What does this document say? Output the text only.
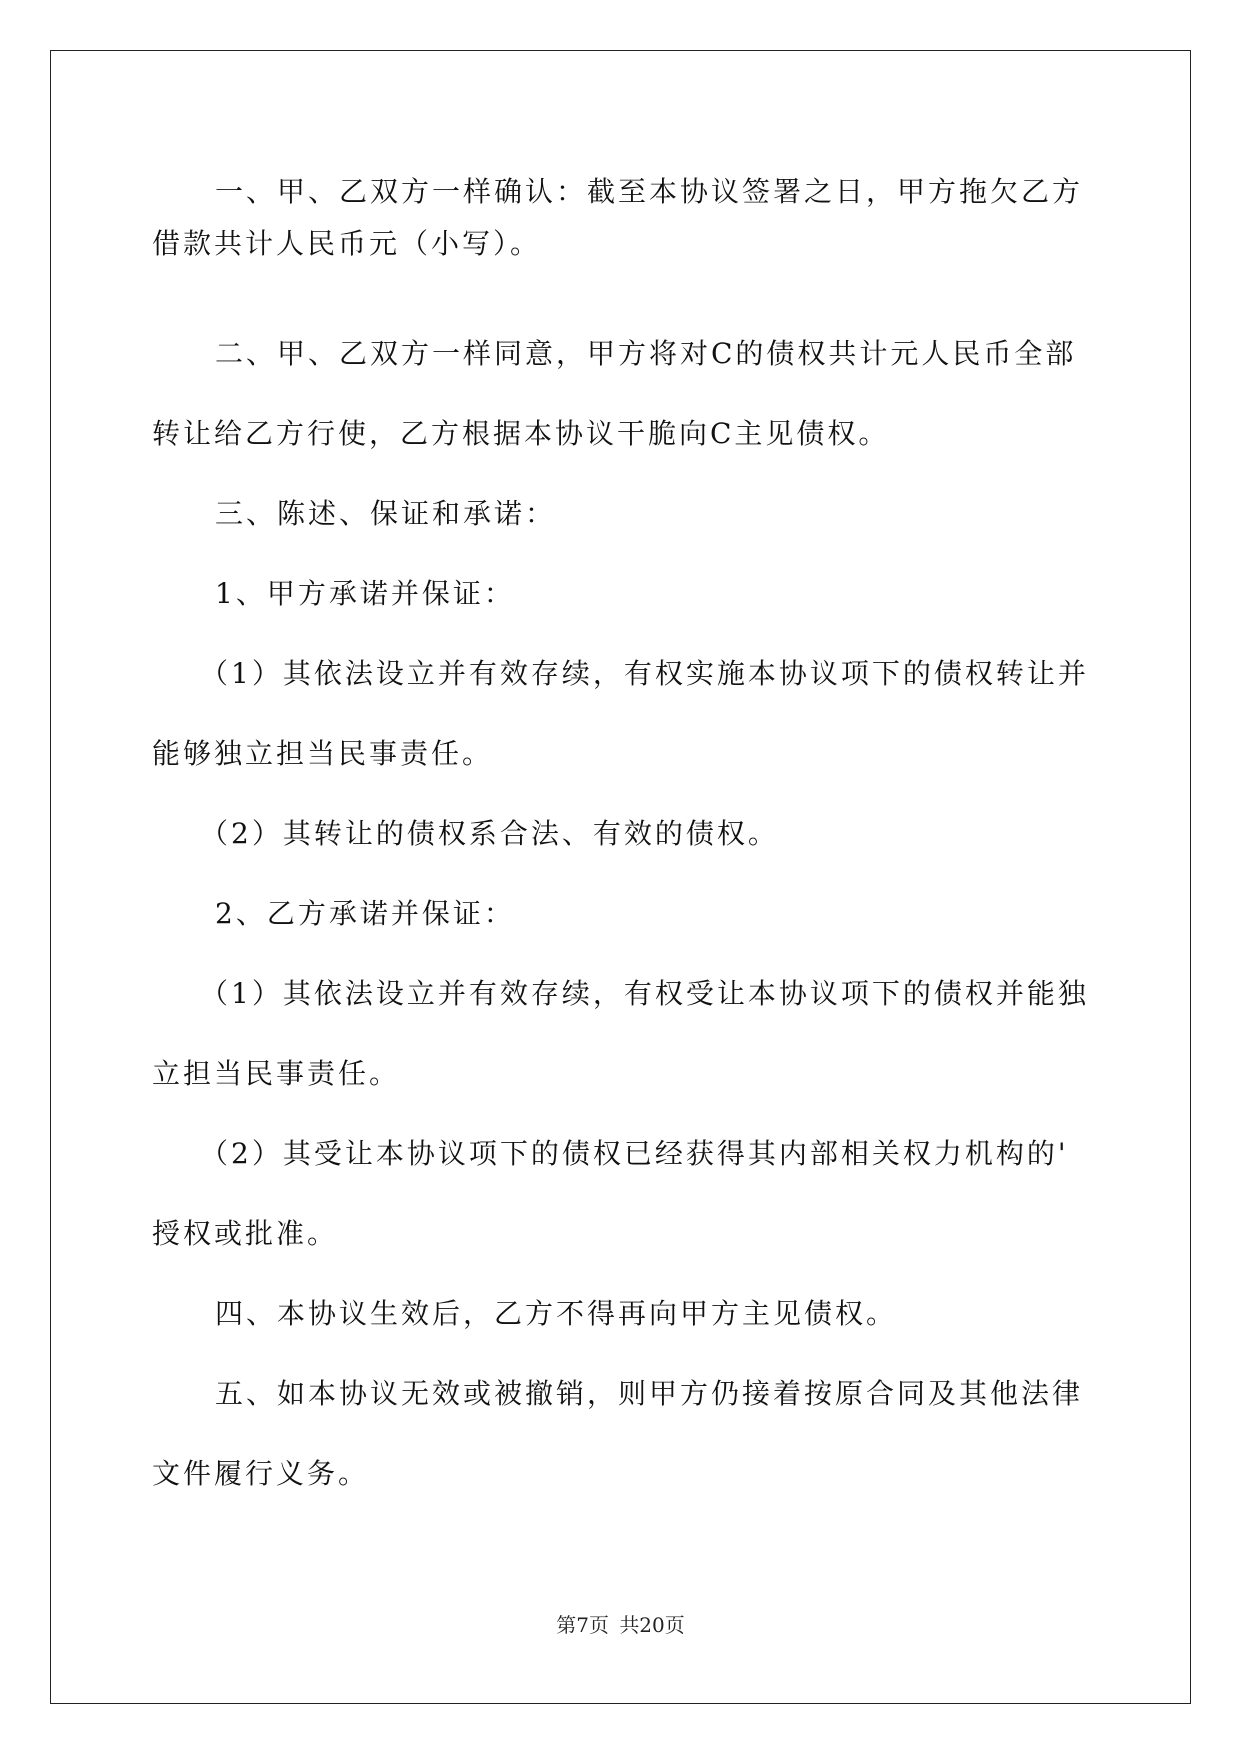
一、甲、乙双方一样确认：截至本协议签署之日，甲方拖欠乙方
借款共计人民币元（小写）。
二、甲、乙双方一样同意，甲方将对C的债权共计元人民币全部
转让给乙方行使，乙方根据本协议干脆向C主见债权。
三、陈述、保证和承诺：
1、甲方承诺并保证：
（1）其依法设立并有效存续，有权实施本协议项下的债权转让并
能够独立担当民事责任。
（2）其转让的债权系合法、有效的债权。
2、乙方承诺并保证：
（1）其依法设立并有效存续，有权受让本协议项下的债权并能独
立担当民事责任。
（2）其受让本协议项下的债权已经获得其内部相关权力机构的'
授权或批准。
四、本协议生效后，乙方不得再向甲方主见债权。
五、如本协议无效或被撤销，则甲方仍接着按原合同及其他法律
文件履行义务。
第7页 共20页
